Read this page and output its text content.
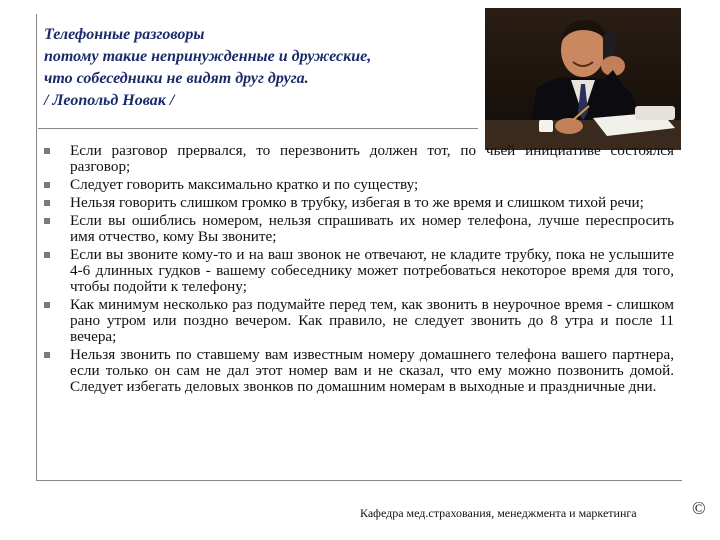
Телефонные разговоры
потому такие непринужденные и дружеские,
что собеседники не видят друг друга.
/ Леопольд Новак /
Если разговор прервался, то перезвонить должен тот, по чьей инициативе состоялся разговор;
Следует говорить максимально кратко и по существу;
Нельзя говорить слишком громко в трубку, избегая в то же время и слишком тихой речи;
Если вы ошиблись номером, нельзя спрашивать их номер телефона, лучше переспросить имя отчество, кому Вы звоните;
Если вы звоните кому-то и на ваш звонок не отвечают, не кладите трубку, пока не услышите 4-6 длинных гудков - вашему собеседнику может потребоваться некоторое время для того, чтобы подойти к телефону;
Как минимум несколько раз подумайте перед тем, как звонить в неурочное время - слишком рано утром или поздно вечером. Как правило, не следует звонить до 8 утра и после 11 вечера;
Нельзя звонить по ставшему вам известным номеру домашнего телефона вашего партнера, если только он сам не дал этот номер вам и не сказал, что ему можно позвонить домой. Следует избегать деловых звонков по домашним номерам в выходные и праздничные дни.
Кафедра мед.страхования, менеджмента и маркетинга	©
